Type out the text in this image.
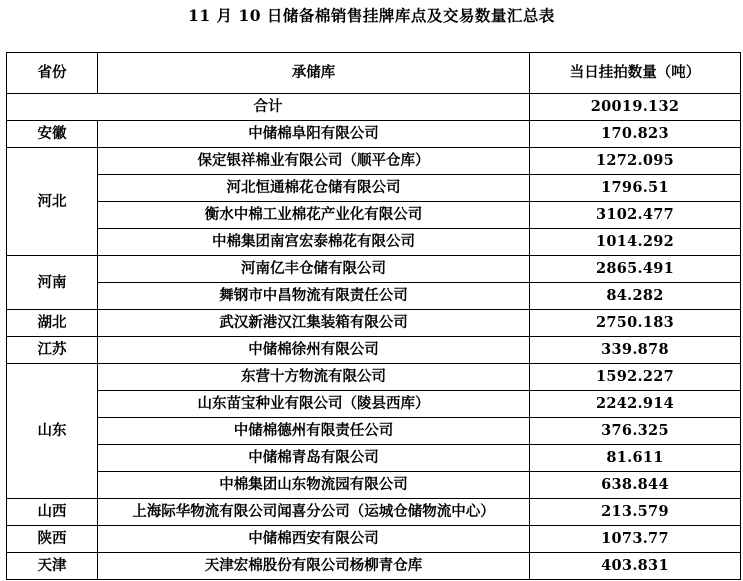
11 月 10 日储备棉销售挂牌库点及交易数量汇总表
省份	承储库	当日挂拍数量（吨）
合计		20019.132
安徽	中储棉阜阳有限公司	170.823
河北	保定银祥棉业有限公司（顺平仓库）	1272.095
	河北恒通棉花仓储有限公司	1796.51
	衡水中棉工业棉花产业化有限公司	3102.477
	中棉集团南宫宏泰棉花有限公司	1014.292
河南	河南亿丰仓储有限公司	2865.491
	舞钢市中昌物流有限责任公司	84.282
湖北	武汉新港汉江集装箱有限公司	2750.183
江苏	中储棉徐州有限公司	339.878
山东	东营十方物流有限公司	1592.227
	山东苗宝种业有限公司（陵县西库）	2242.914
	中储棉德州有限责任公司	376.325
	中储棉青岛有限公司	81.611
	中棉集团山东物流园有限公司	638.844
山西	上海际华物流有限公司闻喜分公司（运城仓储物流中心）	213.579
陕西	中储棉西安有限公司	1073.77
天津	天津宏棉股份有限公司杨柳青仓库	403.831
